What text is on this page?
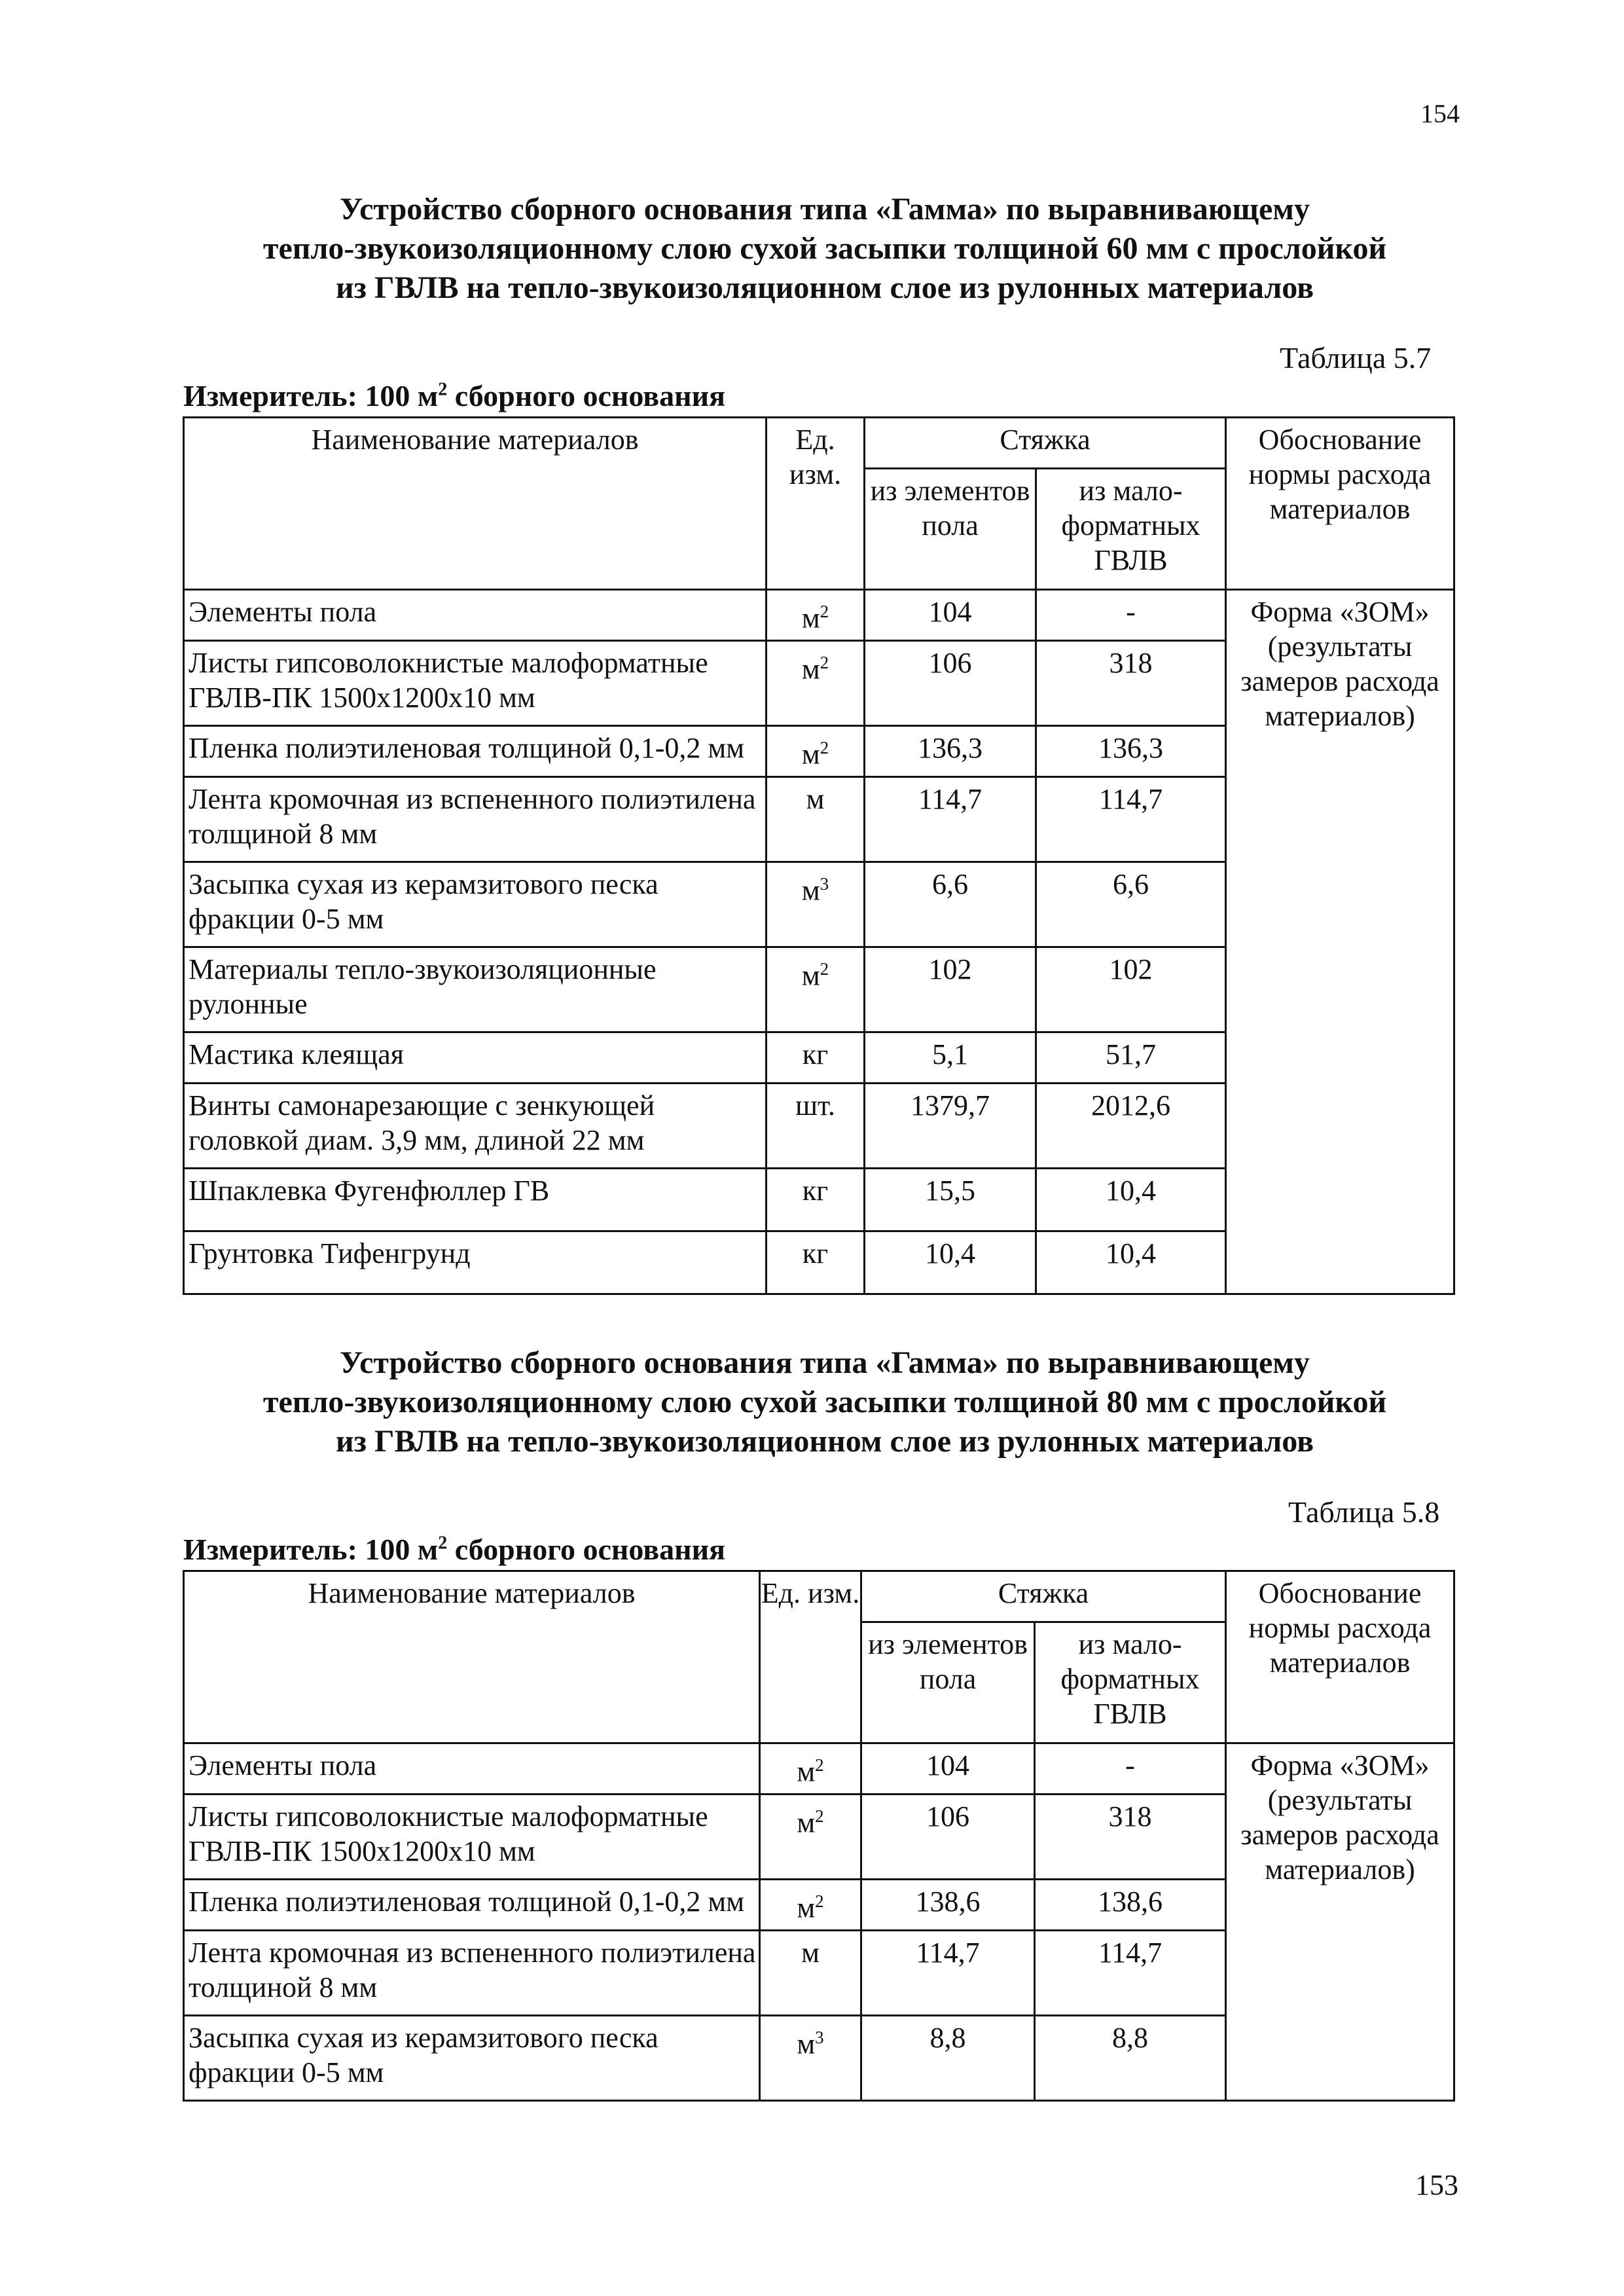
154
Устройство сборного основания типа «Гамма» по выравнивающему
тепло-звукоизоляционному слою сухой засыпки толщиной 60 мм с прослойкой
из ГВЛВ на тепло-звукоизоляционном слое из рулонных материалов
Таблица 5.7
Измеритель: 100 $м^2$ сборного основания
Наименование материалов	Ед. изм.	Стяжка		Обоснование нормы расхода материалов
		из элементов пола	из мало-форматных ГВЛВ	
Элементы пола	$м^2$	104	-	Форма «ЗОМ» (результаты замеров расхода материалов)
Листы гипсоволокнистые малоформатные ГВЛВ-ПК 1500х1200х10 мм	$м^2$	106	318	
Пленка полиэтиленовая толщиной 0,1-0,2 мм	$м^2$	136,3	136,3	
Лента кромочная из вспененного полиэтилена толщиной 8 мм	м	114,7	114,7	
Засыпка сухая из керамзитового песка фракции 0-5 мм	$м^3$	6,6	6,6	
Материалы тепло-звукоизоляционные рулонные	$м^2$	102	102	
Мастика клеящая	кг	5,1	51,7	
Винты самонарезающие с зенкующей головкой диам. 3,9 мм, длиной 22 мм	шт.	1379,7	2012,6	
Шпаклевка Фугенфюллер ГВ	кг	15,5	10,4	
Грунтовка Тифенгрунд	кг	10,4	10,4	
Устройство сборного основания типа «Гамма» по выравнивающему
тепло-звукоизоляционному слою сухой засыпки толщиной 80 мм с прослойкой
из ГВЛВ на тепло-звукоизоляционном слое из рулонных материалов
Таблица 5.8
Измеритель: 100 $м^2$ сборного основания
Наименование материалов	Ед. изм.	Стяжка		Обоснование нормы расхода материалов
		из элементов пола	из мало-форматных ГВЛВ	
Элементы пола	$м^2$	104	-	Форма «ЗОМ» (результаты замеров расхода материалов)
Листы гипсоволокнистые малоформатные ГВЛВ-ПК 1500х1200х10 мм	$м^2$	106	318	
Пленка полиэтиленовая толщиной 0,1-0,2 мм	$м^2$	138,6	138,6	
Лента кромочная из вспененного полиэтилена толщиной 8 мм	м	114,7	114,7	
Засыпка сухая из керамзитового песка фракции 0-5 мм	$м^3$	8,8	8,8	
153
